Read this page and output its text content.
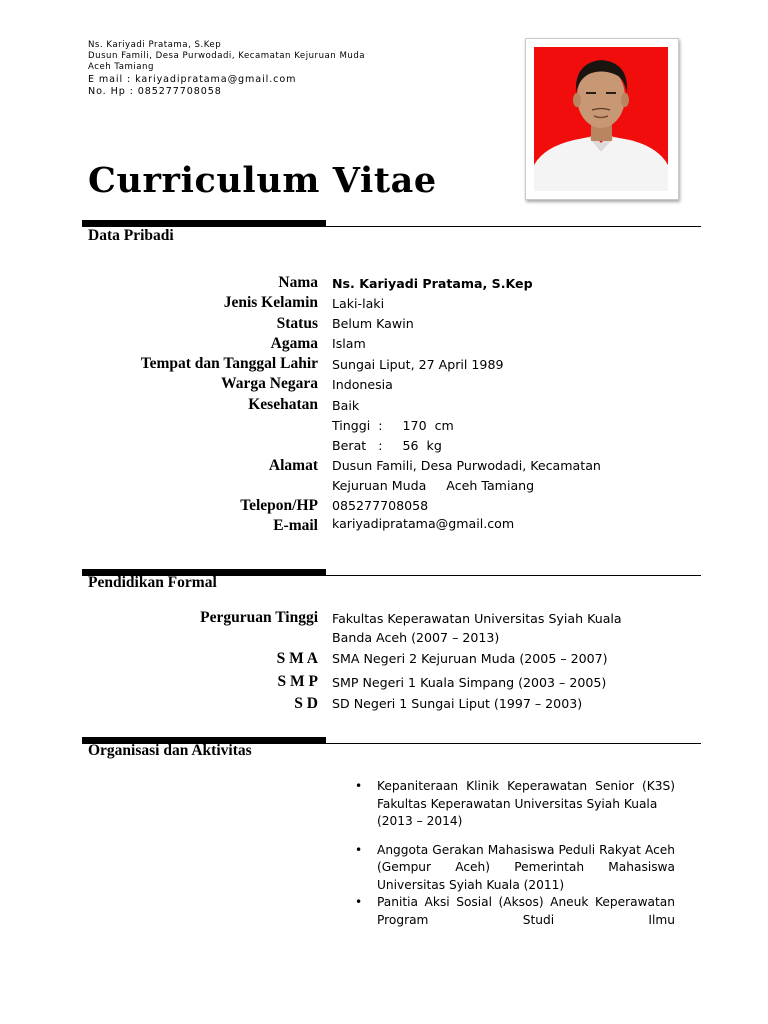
Ns. Kariyadi Pratama, S.Kep
Dusun Famili, Desa Purwodadi, Kecamatan Kejuruan Muda
Aceh Tamiang
E mail : kariyadipratama@gmail.com
No. Hp : 085277708058
Curriculum Vitae
Data Pribadi
Nama Ns. Kariyadi Pratama, S.Kep
Jenis Kelamin Laki-laki
Status Belum Kawin
Agama Islam
Tempat dan Tanggal Lahir Sungai Liput, 27 April 1989
Warga Negara Indonesia
Kesehatan Baik
Tinggi  :     170  cm
Berat   :     56  kg
Alamat Dusun Famili, Desa Purwodadi, Kecamatan
Kejuruan Muda     Aceh Tamiang
Telepon/HP 085277708058
E-mail kariyadipratama@gmail.com
Pendidikan Formal
Perguruan Tinggi Fakultas Keperawatan Universitas Syiah Kuala
Banda Aceh (2007 – 2013)
S M A SMA Negeri 2 Kejuruan Muda (2005 – 2007)
S M P SMP Negeri 1 Kuala Simpang (2003 – 2005)
S D SD Negeri 1 Sungai Liput (1997 – 2003)
Organisasi dan Aktivitas
• Kepaniteraan Klinik Keperawatan Senior (K3S) Fakultas Keperawatan Universitas Syiah Kuala
(2013 – 2014)
• Anggota Gerakan Mahasiswa Peduli Rakyat Aceh (Gempur Aceh) Pemerintah Mahasiswa Universitas Syiah Kuala (2011)
• Panitia Aksi Sosial (Aksos) Aneuk Keperawatan Program Studi Ilmu
